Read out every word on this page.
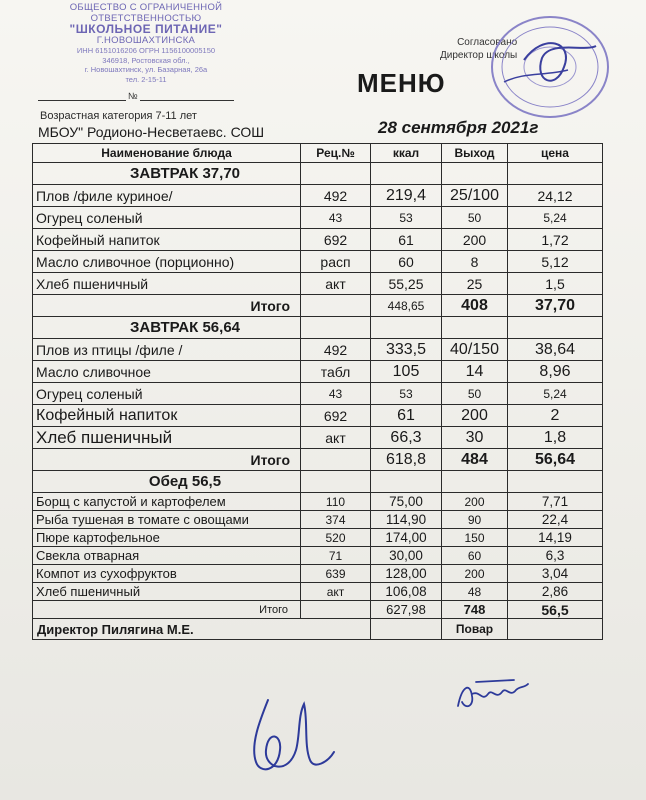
ОБЩЕСТВО С ОГРАНИЧЕННОЙ
ОТВЕТСТВЕННОСТЬЮ
"ШКОЛЬНОЕ ПИТАНИЕ"
Г.НОВОШАХТИНСКА
ИНН 6151016206 ОГРН 1156100005150
346918, Ростовская обл.,
г. Новошахтинск, ул. Базарная, 26а
тел. 2-15-11
№
Возрастная категория 7-11 лет
МБОУ" Родионо-Несветаевс. СОШ
МЕНЮ
28 сентября 2021г
Согласовано
Директор школы
Наименование блюда	Рец.№	ккал	Выход	цена
ЗАВТРАК 37,70				
Плов /филе куриное/	492	219,4	25/100	24,12
Огурец соленый	43	53	50	5,24
Кофейный напиток	692	61	200	1,72
Масло сливочное (порционно)	расп	60	8	5,12
Хлеб пшеничный	акт	55,25	25	1,5
Итого		448,65	408	37,70
ЗАВТРАК 56,64				
Плов из птицы /филе /	492	333,5	40/150	38,64
Масло сливочное	табл	105	14	8,96
Огурец соленый	43	53	50	5,24
Кофейный напиток	692	61	200	2
Хлеб пшеничный	акт	66,3	30	1,8
Итого		618,8	484	56,64
Обед 56,5				
Борщ с капустой и картофелем	110	75,00	200	7,71
Рыба тушеная в томате с овощами	374	114,90	90	22,4
Пюре картофельное	520	174,00	150	14,19
Свекла отварная	71	30,00	60	6,3
Компот из сухофруктов	639	128,00	200	3,04
Хлеб пшеничный	акт	106,08	48	2,86
Итого		627,98	748	56,5
Директор Пилягина М.Е.			Повар	
